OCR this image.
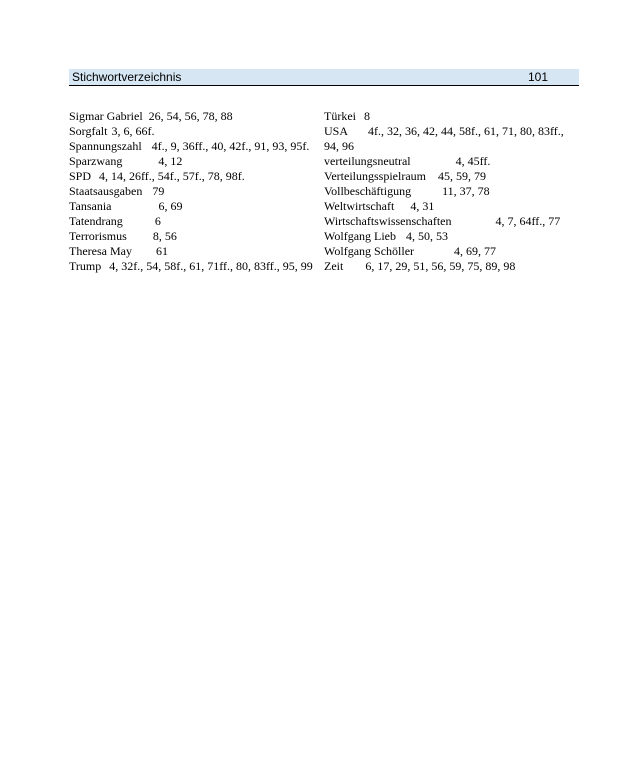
Stichwortverzeichnis	101
Sigmar Gabriel 26, 54, 56, 78, 88
Sorgfalt 3, 6, 66f.
Spannungszahl 4f., 9, 36ff., 40, 42f., 91, 93, 95f.
Sparzwang	4, 12
SPD 4, 14, 26ff., 54f., 57f., 78, 98f.
Staatsausgaben 79
Tansania	6, 69
Tatendrang	6
Terrorismus 8, 56
Theresa May 61
Trump 4, 32f., 54, 58f., 61, 71ff., 80, 83ff., 95, 99
Türkei 8
USA 4f., 32, 36, 42, 44, 58f., 61, 71, 80, 83ff., 94, 96
verteilungsneutral	4, 45ff.
Verteilungsspielraum 45, 59, 79
Vollbeschäftigung	11, 37, 78
Weltwirtschaft 4, 31
Wirtschaftswissenschaften	4, 7, 64ff., 77
Wolfgang Lieb 4, 50, 53
Wolfgang Schöller	4, 69, 77
Zeit 6, 17, 29, 51, 56, 59, 75, 89, 98
